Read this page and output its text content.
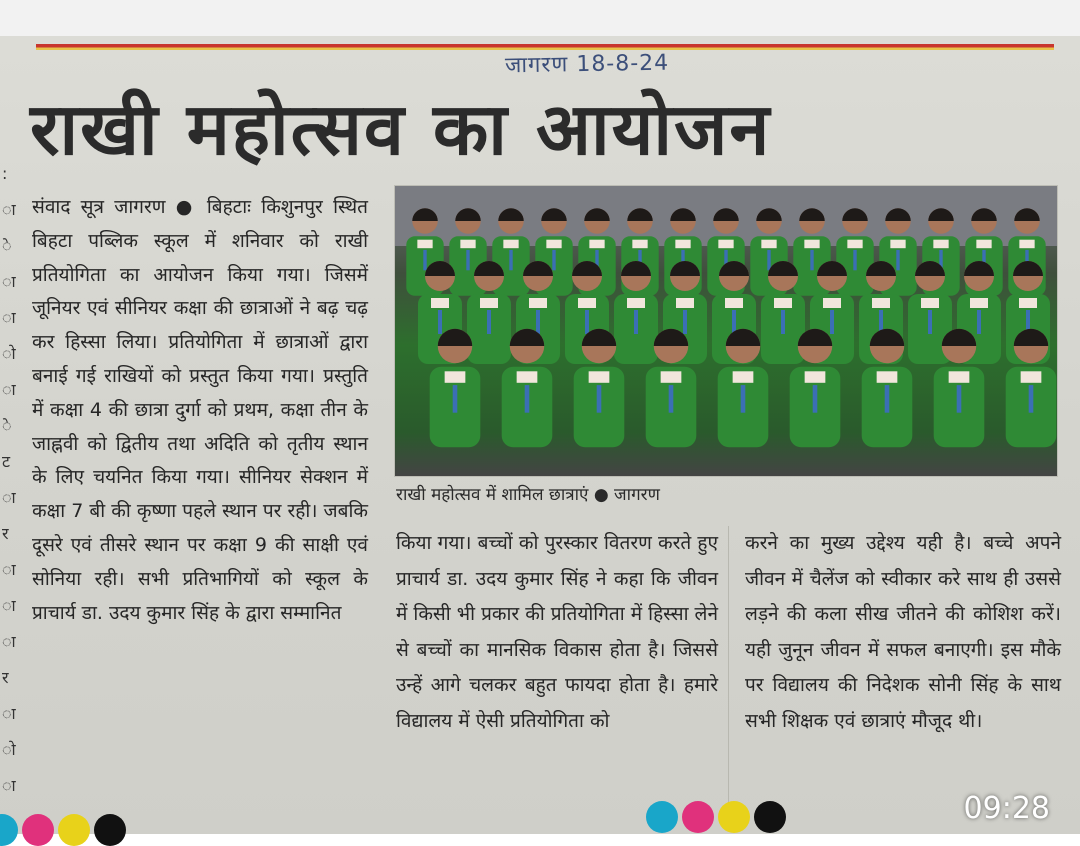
जागरण 18-8-24
राखी महोत्सव का आयोजन
:
ा
े
ा
ा
ो
ा
े
ट
ा
र
ा
ा
ा
र
ा
ो
ा
संवाद सूत्र जागरण ● बिहटाः किशुनपुर स्थित बिहटा पब्लिक स्कूल में शनिवार को राखी प्रतियोगिता का आयोजन किया गया। जिसमें जूनियर एवं सीनियर कक्षा की छात्राओं ने बढ़ चढ़ कर हिस्सा लिया। प्रतियोगिता में छात्राओं द्वारा बनाई गई राखियों को प्रस्तुत किया गया। प्रस्तुति में कक्षा 4 की छात्रा दुर्गा को प्रथम, कक्षा तीन के जाह्नवी को द्वितीय तथा अदिति को तृतीय स्थान के लिए चयनित किया गया। सीनियर सेक्शन में कक्षा 7 बी की कृष्णा पहले स्थान पर रही। जबकि दूसरे एवं तीसरे स्थान पर कक्षा 9 की साक्षी एवं सोनिया रही। सभी प्रतिभागियों को स्कूल के प्राचार्य डा. उदय कुमार सिंह के द्वारा सम्मानित
राखी महोत्सव में शामिल छात्राएं ● जागरण
किया गया। बच्चों को पुरस्कार वितरण करते हुए प्राचार्य डा. उदय कुमार सिंह ने कहा कि जीवन में किसी भी प्रकार की प्रतियोगिता में हिस्सा लेने से बच्चों का मानसिक विकास होता है। जिससे उन्हें आगे चलकर बहुत फायदा होता है। हमारे विद्यालय में ऐसी प्रतियोगिता को
करने का मुख्य उद्देश्य यही है। बच्चे अपने जीवन में चैलेंज को स्वीकार करे साथ ही उससे लड़ने की कला सीख जीतने की कोशिश करें। यही जुनून जीवन में सफल बनाएगी। इस मौके पर विद्यालय की निदेशक सोनी सिंह के साथ सभी शिक्षक एवं छात्राएं मौजूद थी।
09:28
